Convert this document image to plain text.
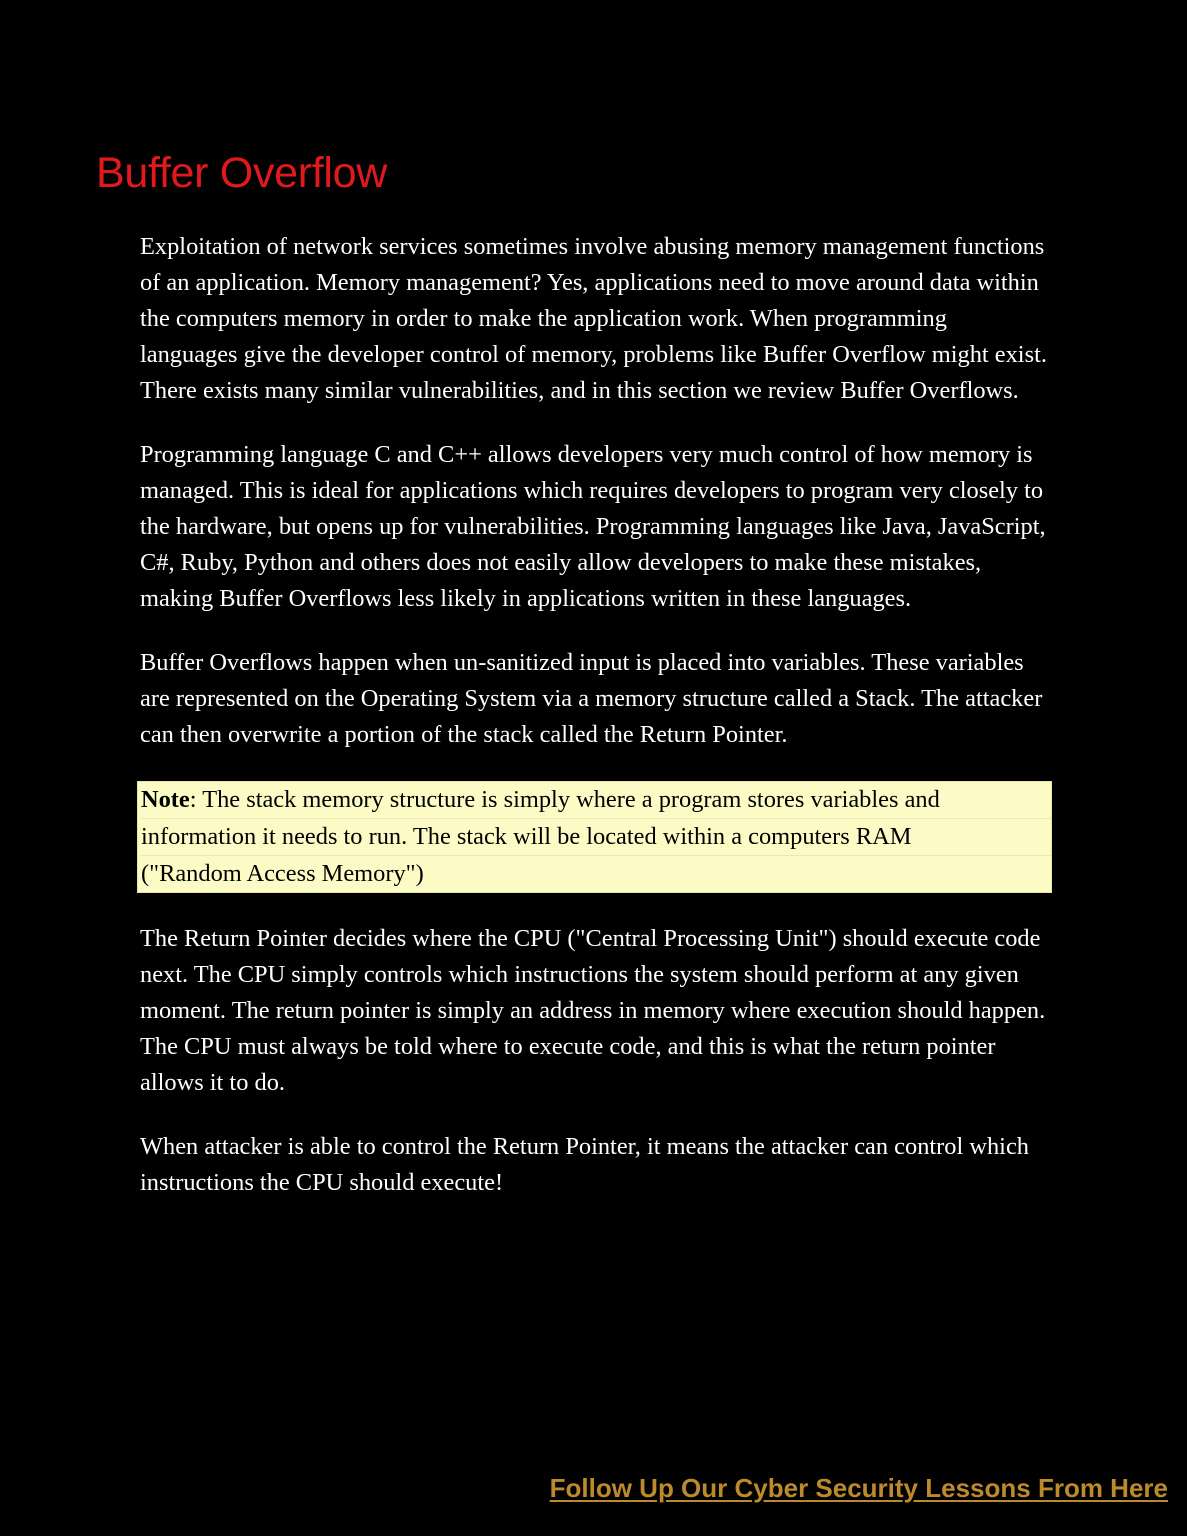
Buffer Overflow

Exploitation of network services sometimes involve abusing memory management functions of an application. Memory management? Yes, applications need to move around data within the computers memory in order to make the application work. When programming languages give the developer control of memory, problems like Buffer Overflow might exist. There exists many similar vulnerabilities, and in this section we review Buffer Overflows.

Programming language C and C++ allows developers very much control of how memory is managed. This is ideal for applications which requires developers to program very closely to the hardware, but opens up for vulnerabilities. Programming languages like Java, JavaScript, C#, Ruby, Python and others does not easily allow developers to make these mistakes, making Buffer Overflows less likely in applications written in these languages.

Buffer Overflows happen when un-sanitized input is placed into variables. These variables are represented on the Operating System via a memory structure called a Stack. The attacker can then overwrite a portion of the stack called the Return Pointer.

Note: The stack memory structure is simply where a program stores variables and
information it needs to run. The stack will be located within a computers RAM
("Random Access Memory")

The Return Pointer decides where the CPU ("Central Processing Unit") should execute code next. The CPU simply controls which instructions the system should perform at any given moment. The return pointer is simply an address in memory where execution should happen. The CPU must always be told where to execute code, and this is what the return pointer allows it to do.

When attacker is able to control the Return Pointer, it means the attacker can control which instructions the CPU should execute!

Follow Up Our Cyber Security Lessons From Here
